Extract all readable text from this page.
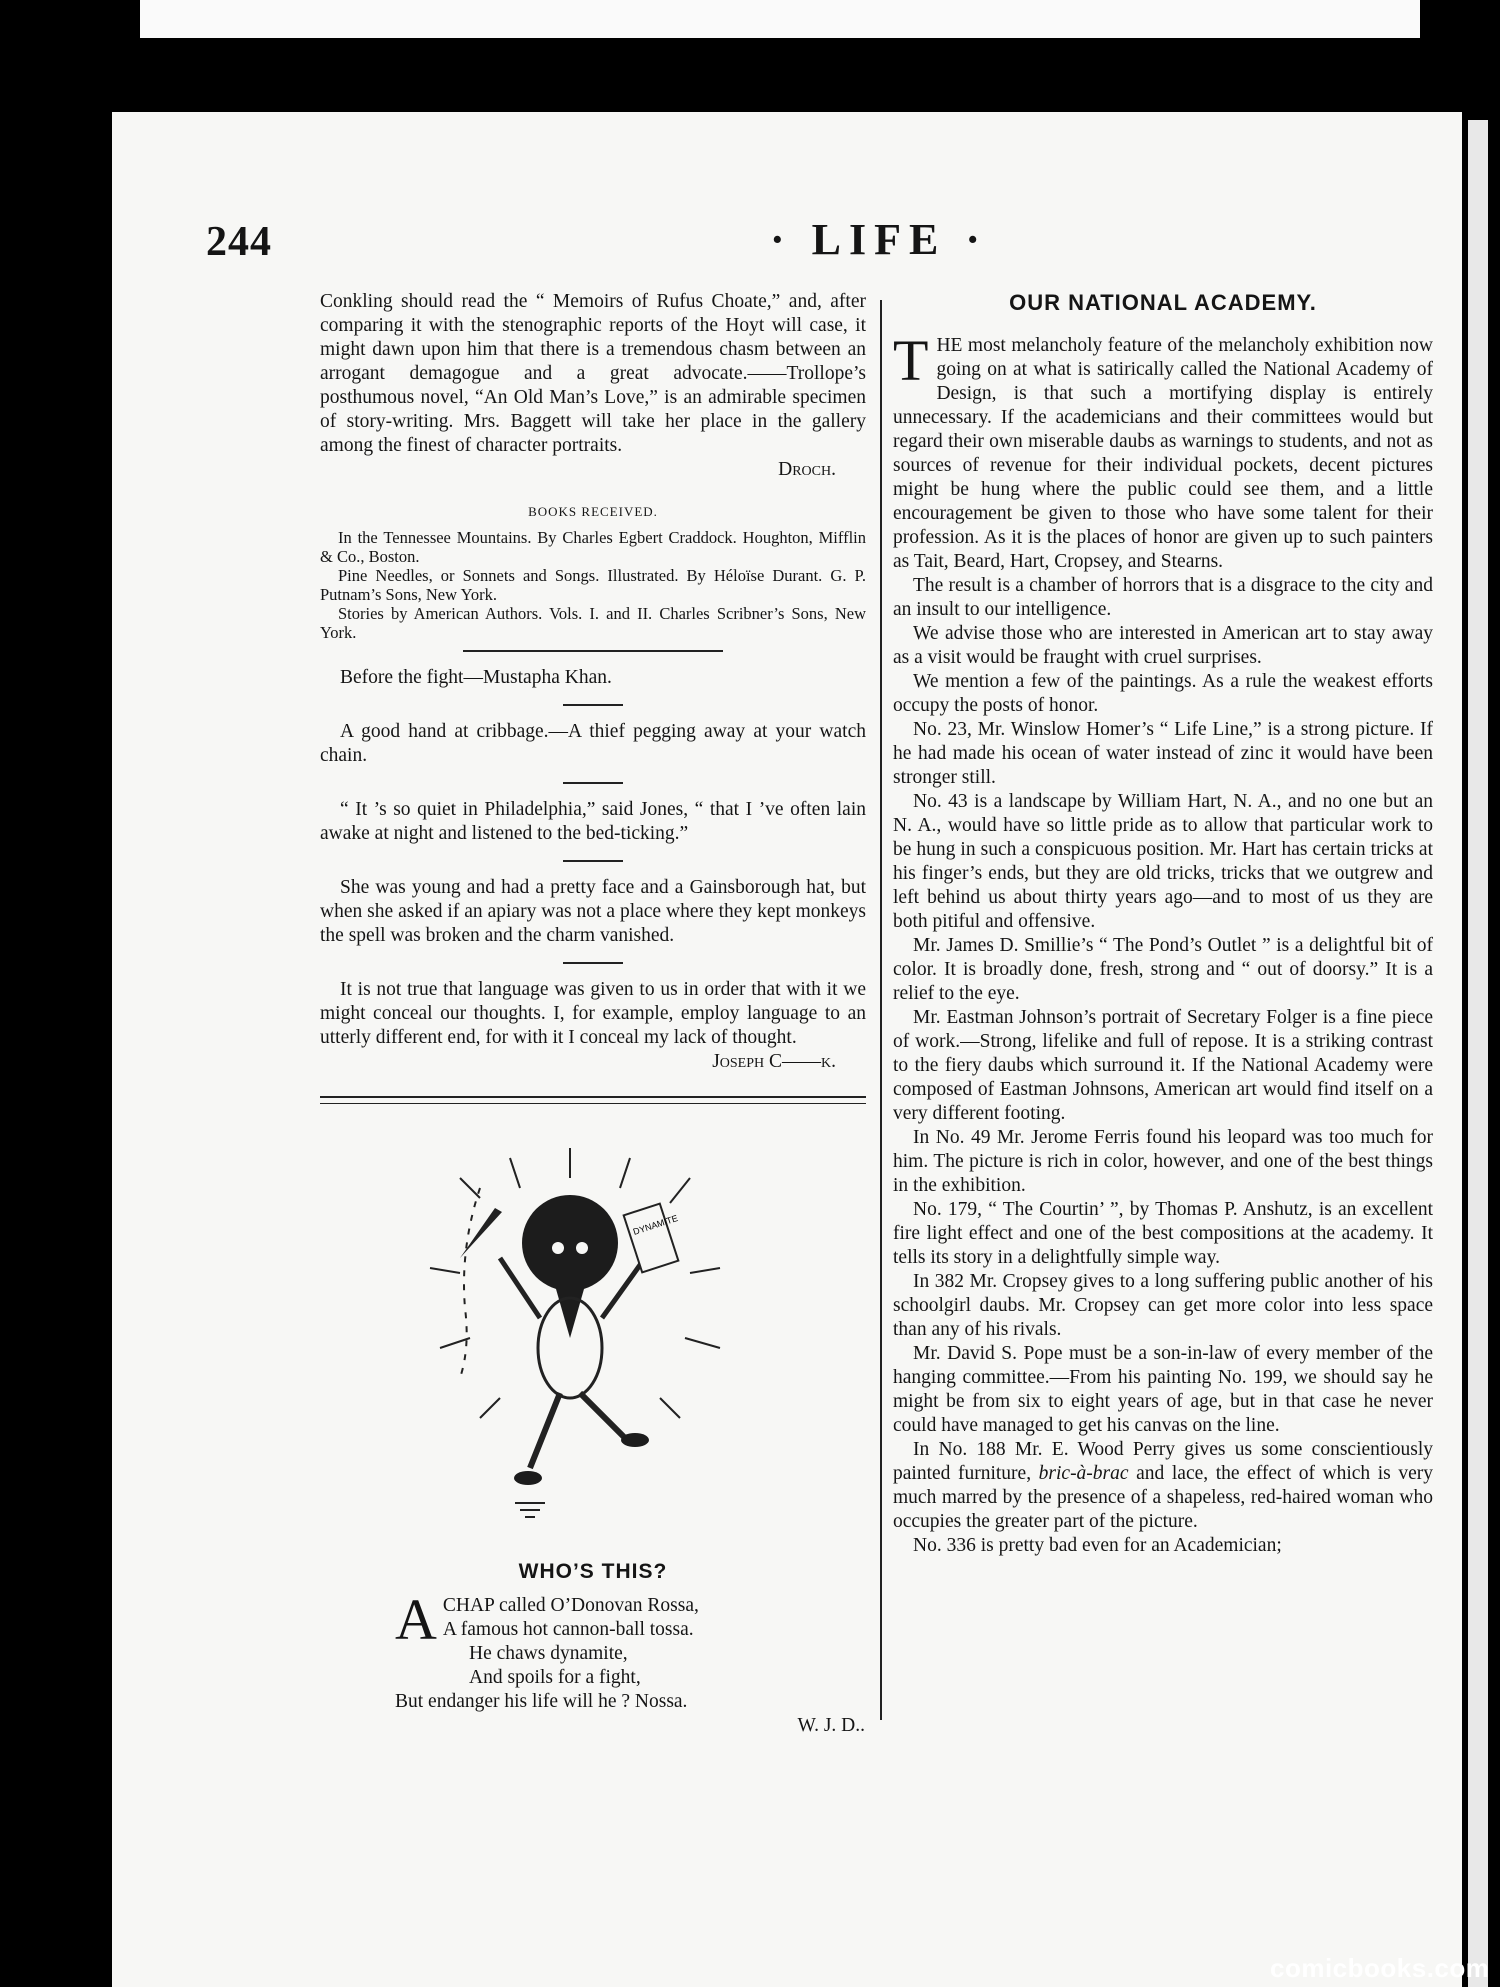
244	· LIFE ·

Conkling should read the “ Memoirs of Rufus Choate,” and, after comparing it with the stenographic reports of the Hoyt will case, it might dawn upon him that there is a tremendous chasm between an arrogant demagogue and a great advocate.——Trollope’s posthumous novel, “An Old Man’s Love,” is an admirable specimen of story-writing. Mrs. Baggett will take her place in the gallery among the finest of character portraits.

Droch.
BOOKS RECEIVED.
In the Tennessee Mountains. By Charles Egbert Craddock. Houghton, Mifflin & Co., Boston.
Pine Needles, or Sonnets and Songs. Illustrated. By Héloïse Durant. G. P. Putnam’s Sons, New York.
Stories by American Authors. Vols. I. and II. Charles Scribner’s Sons, New York.

Before the fight—Mustapha Khan.

A good hand at cribbage.—A thief pegging away at your watch chain.

“ It ’s so quiet in Philadelphia,” said Jones, “ that I ’ve often lain awake at night and listened to the bed-ticking.”

She was young and had a pretty face and a Gainsborough hat, but when she asked if an apiary was not a place where they kept monkeys the spell was broken and the charm vanished.

It is not true that language was given to us in order that with it we might conceal our thoughts. I, for example, employ language to an utterly different end, for with it I conceal my lack of thought.

Joseph C——k.
DYNAMITE
WHO’S THIS?
A CHAP called O’Donovan Rossa,
A famous hot cannon-ball tossa.
He chaws dynamite,
And spoils for a fight,
But endanger his life will he ? Nossa.
W. J. D..
OUR NATIONAL ACADEMY.

THE most melancholy feature of the melancholy exhibition now going on at what is satirically called the National Academy of Design, is that such a mortifying display is entirely unnecessary. If the academicians and their committees would but regard their own miserable daubs as warnings to students, and not as sources of revenue for their individual pockets, decent pictures might be hung where the public could see them, and a little encouragement be given to those who have some talent for their profession. As it is the places of honor are given up to such painters as Tait, Beard, Hart, Cropsey, and Stearns.

The result is a chamber of horrors that is a disgrace to the city and an insult to our intelligence.

We advise those who are interested in American art to stay away as a visit would be fraught with cruel surprises.

We mention a few of the paintings. As a rule the weakest efforts occupy the posts of honor.

No. 23, Mr. Winslow Homer’s “ Life Line,” is a strong picture. If he had made his ocean of water instead of zinc it would have been stronger still.

No. 43 is a landscape by William Hart, N. A., and no one but an N. A., would have so little pride as to allow that particular work to be hung in such a conspicuous position. Mr. Hart has certain tricks at his finger’s ends, but they are old tricks, tricks that we outgrew and left behind us about thirty years ago—and to most of us they are both pitiful and offensive.

Mr. James D. Smillie’s “ The Pond’s Outlet ” is a delightful bit of color. It is broadly done, fresh, strong and “ out of doorsy.” It is a relief to the eye.

Mr. Eastman Johnson’s portrait of Secretary Folger is a fine piece of work.—Strong, lifelike and full of repose. It is a striking contrast to the fiery daubs which surround it. If the National Academy were composed of Eastman Johnsons, American art would find itself on a very different footing.

In No. 49 Mr. Jerome Ferris found his leopard was too much for him. The picture is rich in color, however, and one of the best things in the exhibition.

No. 179, “ The Courtin’ ”, by Thomas P. Anshutz, is an excellent fire light effect and one of the best compositions at the academy. It tells its story in a delightfully simple way.

In 382 Mr. Cropsey gives to a long suffering public another of his schoolgirl daubs. Mr. Cropsey can get more color into less space than any of his rivals.

Mr. David S. Pope must be a son-in-law of every member of the hanging committee.—From his painting No. 199, we should say he might be from six to eight years of age, but in that case he never could have managed to get his canvas on the line.

In No. 188 Mr. E. Wood Perry gives us some conscientiously painted furniture, bric-à-brac and lace, the effect of which is very much marred by the presence of a shapeless, red-haired woman who occupies the greater part of the picture.

No. 336 is pretty bad even for an Academician;

comicbooks.com
